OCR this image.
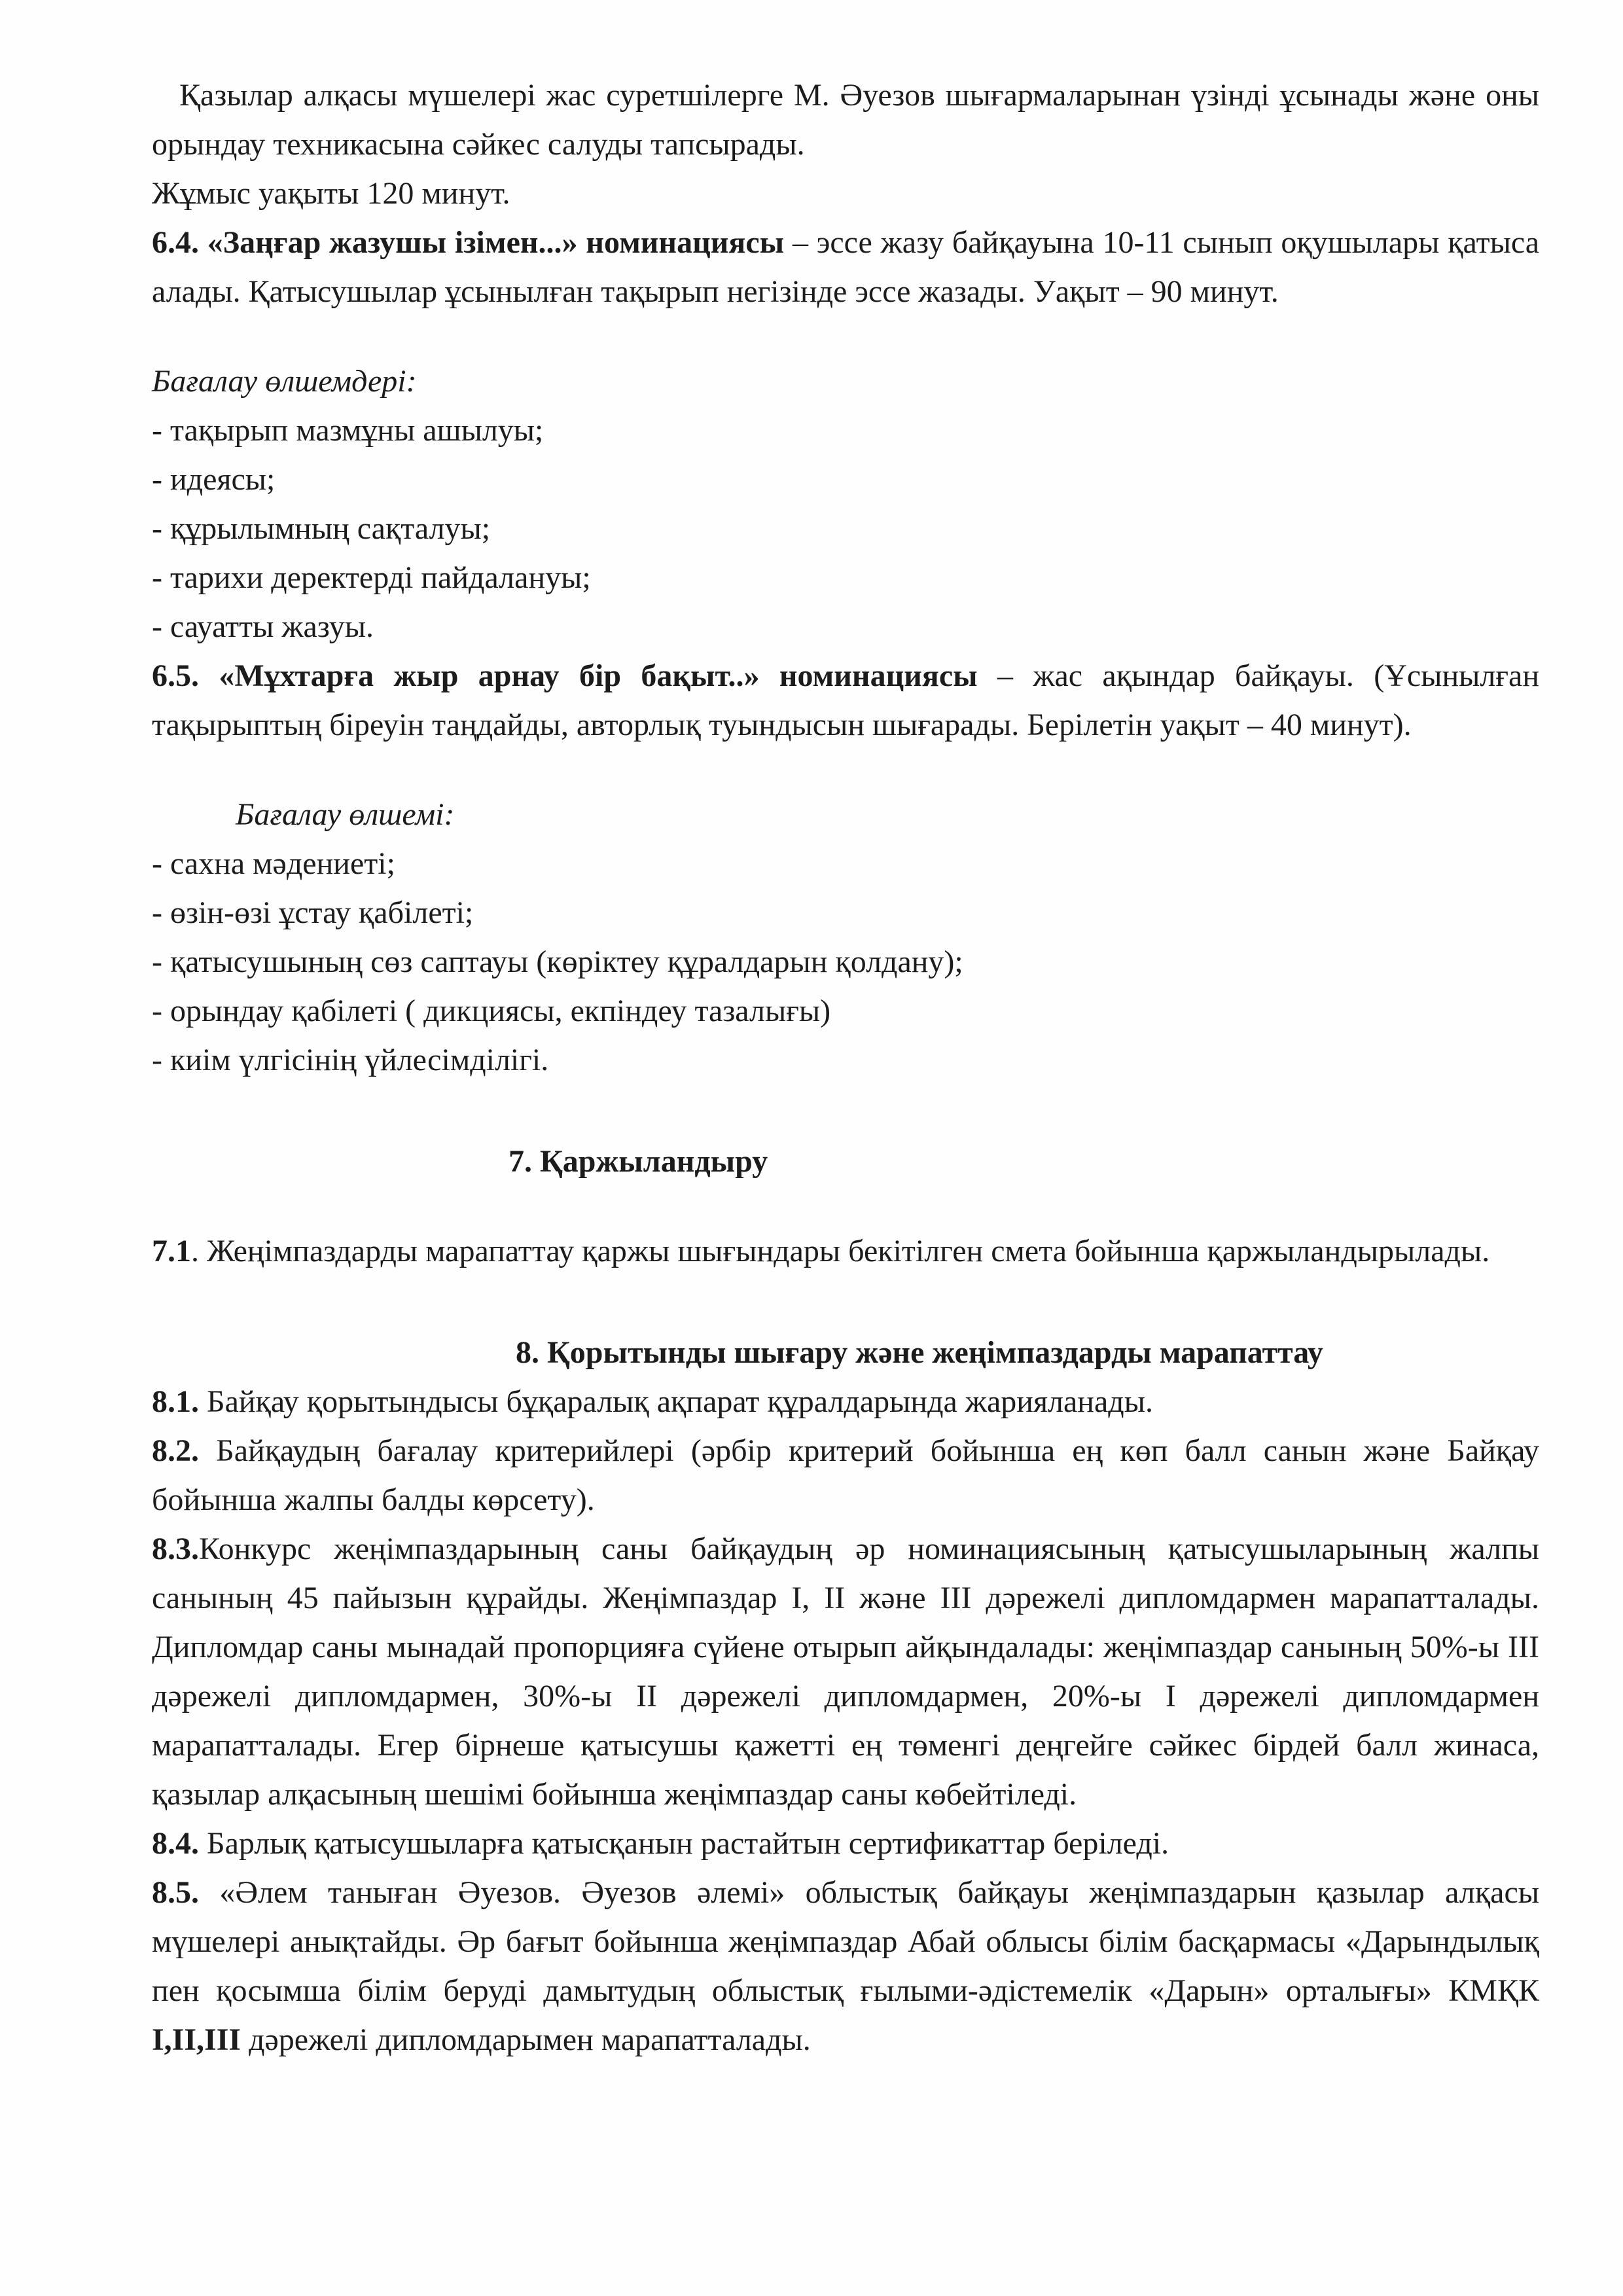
Қазылар алқасы мүшелері жас суретшілерге М. Әуезов шығармаларынан үзінді ұсынады және оны орындау техникасына сәйкес салуды тапсырады.

Жұмыс уақыты 120 минут.

6.4. «Заңғар жазушы ізімен...» номинациясы – эссе жазу байқауына 10-11 сынып оқушылары қатыса алады. Қатысушылар ұсынылған тақырып негізінде эссе жазады. Уақыт – 90 минут.

Бағалау өлшемдері:

- тақырып мазмұны ашылуы;
- идеясы;
- құрылымның сақталуы;
- тарихи деректерді пайдалануы;
- сауатты жазуы.

6.5. «Мұхтарға жыр арнау бір бақыт..» номинациясы – жас ақындар байқауы. (Ұсынылған тақырыптың біреуін таңдайды, авторлық туындысын шығарады. Берілетін уақыт – 40 минут).

Бағалау өлшемі:

- сахна мәдениеті;
- өзін-өзі ұстау қабілеті;
- қатысушының сөз саптауы (көріктеу құралдарын қолдану);
- орындау қабілеті ( дикциясы, екпіндеу тазалығы)
- киім үлгісінің үйлесімділігі.

7. Қаржыландыру

7.1. Жеңімпаздарды марапаттау қаржы шығындары бекітілген смета бойынша қаржыландырылады.

8. Қорытынды шығару және жеңімпаздарды марапаттау

8.1. Байқау қорытындысы бұқаралық ақпарат құралдарында жарияланады.

8.2. Байқаудың бағалау критерийлері (әрбір критерий бойынша ең көп балл санын және Байқау бойынша жалпы балды көрсету).

8.3.Конкурс жеңімпаздарының саны байқаудың әр номинациясының қатысушыларының жалпы санының 45 пайызын құрайды. Жеңімпаздар І, ІІ және ІІІ дәрежелі дипломдармен марапатталады. Дипломдар саны мынадай пропорцияға сүйене отырып айқындалады: жеңімпаздар санының 50%-ы ІІІ дәрежелі дипломдармен, 30%-ы ІІ дәрежелі дипломдармен, 20%-ы І дәрежелі дипломдармен марапатталады. Егер бірнеше қатысушы қажетті ең төменгі деңгейге сәйкес бірдей балл жинаса, қазылар алқасының шешімі бойынша жеңімпаздар саны көбейтіледі.

8.4. Барлық қатысушыларға қатысқанын растайтын сертификаттар беріледі.

8.5. «Әлем таныған Әуезов. Әуезов әлемі» облыстық байқауы жеңімпаздарын қазылар алқасы мүшелері анықтайды. Әр бағыт бойынша жеңімпаздар Абай облысы білім басқармасы «Дарындылық пен қосымша білім беруді дамытудың облыстық ғылыми-әдістемелік «Дарын» орталығы» КМҚК І,ІІ,ІІІ дәрежелі дипломдарымен марапатталады.
